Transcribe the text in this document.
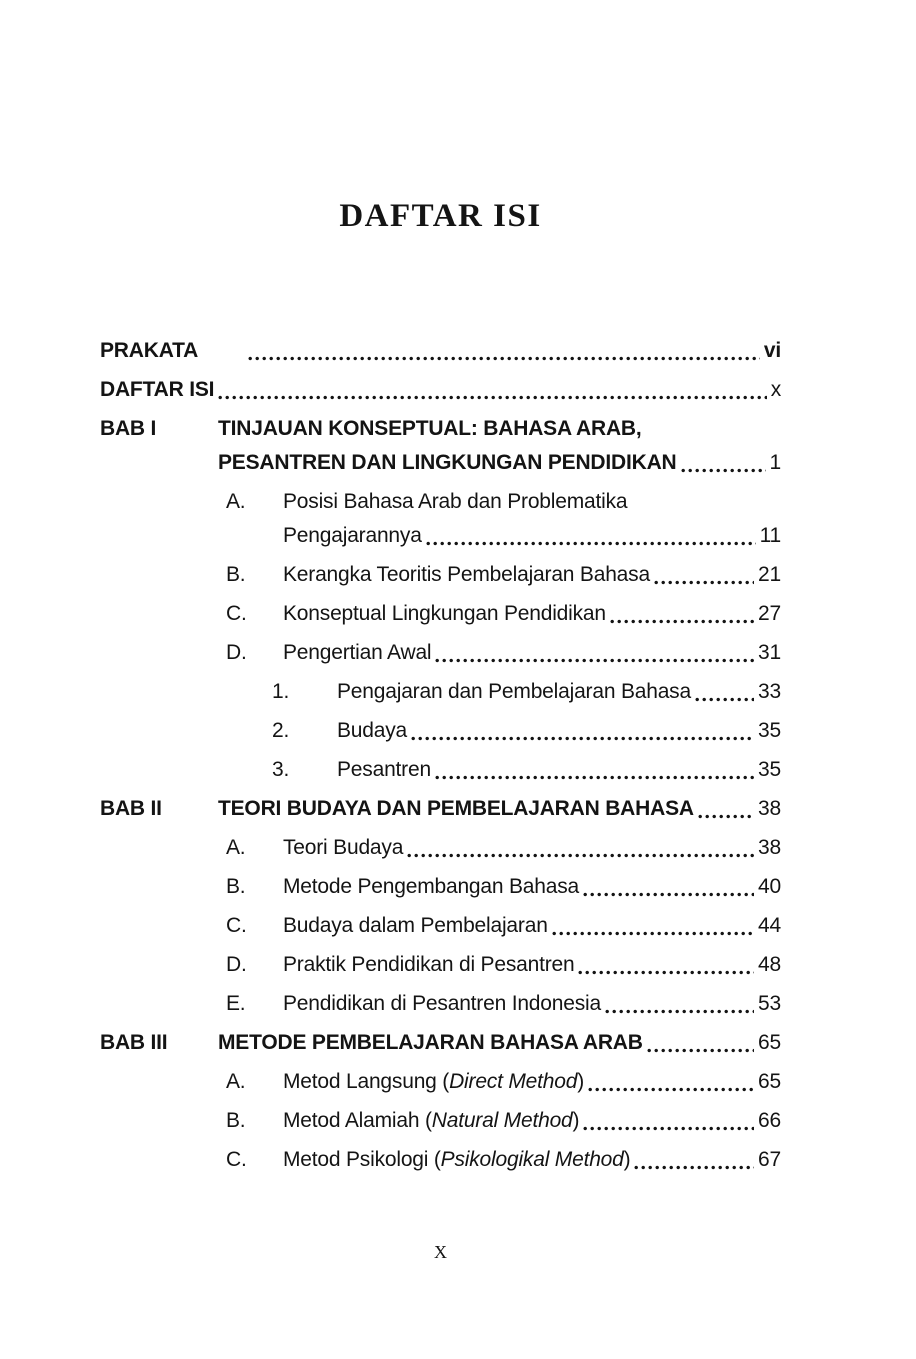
DAFTAR ISI
PRAKATA	vi
DAFTAR ISI	x
BAB I	TINJAUAN KONSEPTUAL: BAHASA ARAB,
PESANTREN DAN LINGKUNGAN PENDIDIKAN	1
A.	Posisi Bahasa Arab dan Problematika
Pengajarannya	11
B.	Kerangka Teoritis Pembelajaran Bahasa	21
C.	Konseptual Lingkungan Pendidikan	27
D.	Pengertian Awal	31
1.	Pengajaran dan Pembelajaran Bahasa	33
2.	Budaya	35
3.	Pesantren	35
BAB II	TEORI BUDAYA DAN PEMBELAJARAN BAHASA	38
A.	Teori Budaya	38
B.	Metode Pengembangan Bahasa	40
C.	Budaya dalam Pembelajaran	44
D.	Praktik Pendidikan di Pesantren	48
E.	Pendidikan di Pesantren Indonesia	53
BAB III	METODE PEMBELAJARAN BAHASA ARAB	65
A.	Metod Langsung (Direct Method)	65
B.	Metod Alamiah (Natural Method)	66
C.	Metod Psikologi (Psikologikal Method)	67
X
